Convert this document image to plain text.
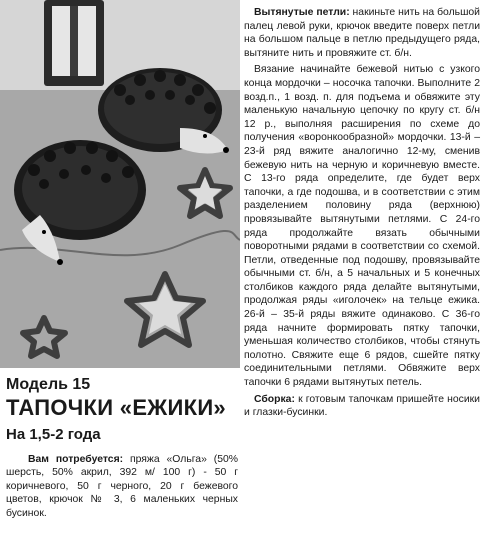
Модель 15
ТАПОЧКИ «ЕЖИКИ»
На 1,5-2 года

Вам потребуется: пряжа «Ольга» (50% шерсть, 50% акрил, 392 м/ 100 г) - 50 г коричневого, 50 г черного, 20 г бежевого цветов, крючок № 3, 6 маленьких черных бусинок.

Вытянутые петли: накиньте нить на большой палец левой руки, крючок введите поверх петли на большом пальце в петлю предыдущего ряда, вытяните нить и провяжите ст. б/н.

Вязание начинайте бежевой нитью с узкого конца мордочки – носочка тапочки. Выполните 2 возд.п., 1 возд. п. для подъема и обвяжите эту маленькую начальную цепочку по кругу ст. б/н 12 р., выполняя расширения по схеме до получения «воронкообразной» мордочки. 13-й – 23-й ряд вяжите аналогично 12-му, сменив бежевую нить на черную и коричневую вместе. С 13-го ряда определите, где будет верх тапочки, а где подошва, и в соответствии с этим разделением половину ряда (верхнюю) провязывайте вытянутыми петлями. С 24-го ряда продолжайте вязать обычными поворотными рядами в соответствии со схемой. Петли, отведенные под подошву, провязывайте обычными ст. б/н, а 5 начальных и 5 конечных столбиков каждого ряда делайте вытянутыми, продолжая ряды «иголочек» на тельце ежика. 26-й – 35-й ряды вяжите одинаково. С 36-го ряда начните формировать пятку тапочки, уменьшая количество столбиков, чтобы стянуть полотно. Свяжите еще 6 рядов, сшейте пятку соединительными петлями. Обвяжите верх тапочки 6 рядами вытянутых петель.

Сборка: к готовым тапочкам пришейте носики и глазки-бусинки.
